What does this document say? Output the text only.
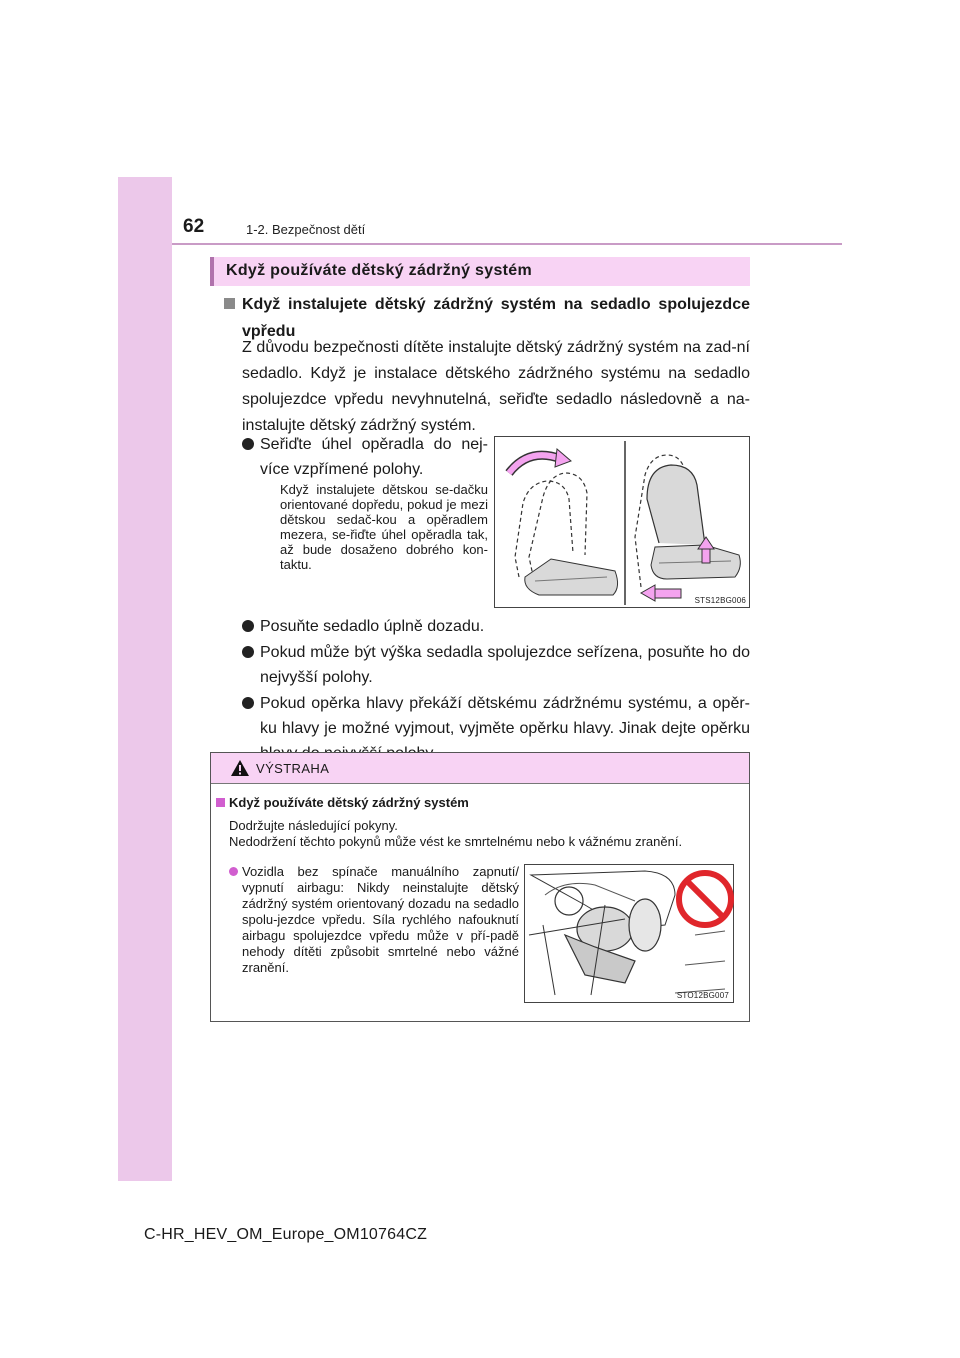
62	1-2. Bezpečnost dětí
Když používáte dětský zádržný systém
Když instalujete dětský zádržný systém na sedadlo spolujezdce vpředu
Z důvodu bezpečnosti dítěte instalujte dětský zádržný systém na zad-ní sedadlo. Když je instalace dětského zádržného systému na sedadlo spolujezdce vpředu nevyhnutelná, seřiďte sedadlo následovně a na-instalujte dětský zádržný systém.
Seřiďte úhel opěradla do nej-více vzpřímené polohy.
Když instalujete dětskou se-dačku orientované dopředu, pokud je mezi dětskou sedač-kou a opěradlem mezera, se-řiďte úhel opěradla tak, až bude dosaženo dobrého kon-taktu.
STS12BG006
Posuňte sedadlo úplně dozadu.
Pokud může být výška sedadla spolujezdce seřízena, posuňte ho do nejvyšší polohy.
Pokud opěrka hlavy překáží dětskému zádržnému systému, a opěr-ku hlavy je možné vyjmout, vyjměte opěrku hlavy. Jinak dejte opěrku
VÝSTRAHA
Když používáte dětský zádržný systém
Dodržujte následující pokyny.
Nedodržení těchto pokynů může vést ke smrtelnému nebo k vážnému zranění.
Vozidla bez spínače manuálního zapnutí/ vypnutí airbagu: Nikdy neinstalujte dětský zádržný systém orientovaný dozadu na sedadlo spolu-jezdce vpředu. Síla rychlého nafouknutí airbagu spolujezdce vpředu může v pří-padě nehody dítěti způsobit smrtelné nebo vážné zranění.
STO12BG007
C-HR_HEV_OM_Europe_OM10764CZ
